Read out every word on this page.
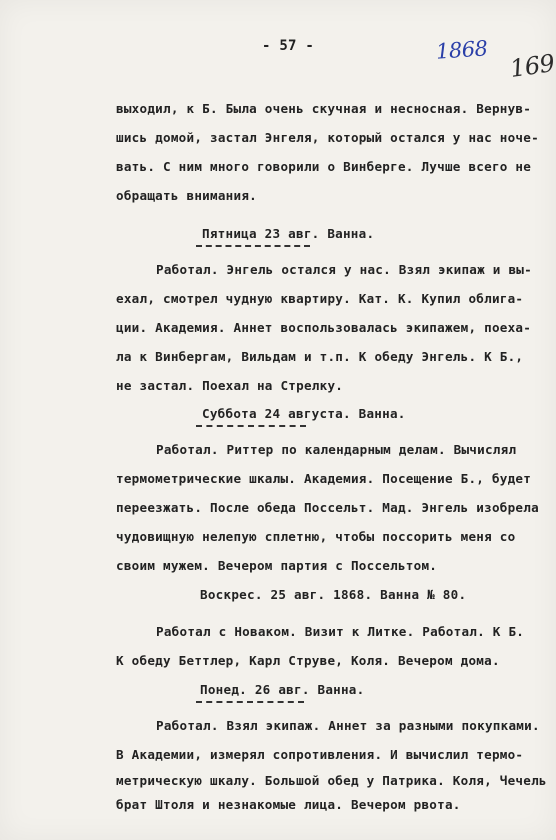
- 57 -	1868 169
выходил, к Б. Была очень скучная и несносная. Вернув-
шись домой, застал Энгеля, который остался у нас ночe-
вать. С ним много говорили о Винберге. Лучше всего не
обращать внимания.
Пятница 23 авг. Ванна.
Работал. Энгель остался у нас. Взял экипаж и вы-
ехал, смотрел чудную квартиру. Кат. К. Купил облига-
ции. Академия. Аннет воспользовалась экипажем, поеха-
ла к Винбергам, Вильдам и т.п. К обеду Энгель. К Б.,
не застал. Поехал на Стрелку.
Суббота 24 августа. Ванна.
Работал. Риттер по календарным делам. Вычислял
термометрические шкалы. Академия. Посещение Б., будет
переезжать. После обеда Поссельт. Мад. Энгель изобрела
чудовищную нелепую сплетню, чтобы поссорить меня со
своим мужем. Вечером партия с Поссельтом.
Воскрес. 25 авг. 1868. Ванна № 80.
Работал с Новаком. Визит к Литке. Работал. К Б.
К обеду Беттлер, Карл Струве, Коля. Вечером дома.
Понед. 26 авг. Ванна.
Работал. Взял экипаж. Аннет за разными покупками.
В Академии, измерял сопротивления. И вычислил термо-
метрическую шкалу. Большой обед у Патрика. Коля, Чечель
брат Штоля и незнакомые лица. Вечером рвота.
